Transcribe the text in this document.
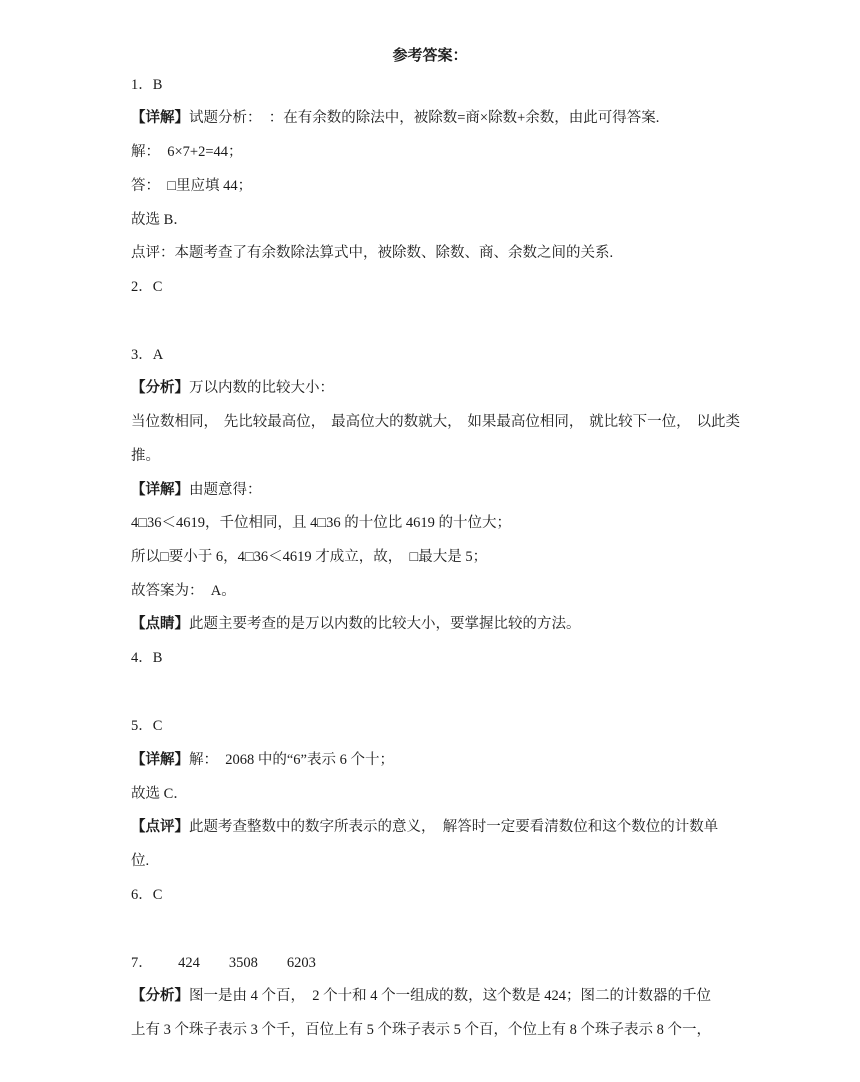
参考答案：
1．B
【详解】试题分析：  ：在有余数的除法中，被除数=商×除数+余数，由此可得答案.
解：  6×7+2=44；
答：  □里应填 44；
故选 B．
点评：本题考查了有余数除法算式中，被除数、除数、商、余数之间的关系.
2．C
3．A
【分析】万以内数的比较大小：
当位数相同， 先比较最高位， 最高位大的数就大， 如果最高位相同， 就比较下一位， 以此类
推。
【详解】由题意得：
4□36＜4619，千位相同，且 4□36 的十位比 4619 的十位大；
所以□要小于 6，4□36＜4619 才成立，故，  □最大是 5；
故答案为：  A。
【点睛】此题主要考查的是万以内数的比较大小，要掌握比较的方法。
4．B
5．C
【详解】解：  2068 中的“6”表示 6 个十；
故选 C．
【点评】此题考查整数中的数字所表示的意义，  解答时一定要看清数位和这个数位的计数单
位.
6．C
7．       424        3508        6203
【分析】图一是由 4 个百，  2 个十和 4 个一组成的数，这个数是 424；图二的计数器的千位
上有 3 个珠子表示 3 个千，百位上有 5 个珠子表示 5 个百，个位上有 8 个珠子表示 8 个一，
